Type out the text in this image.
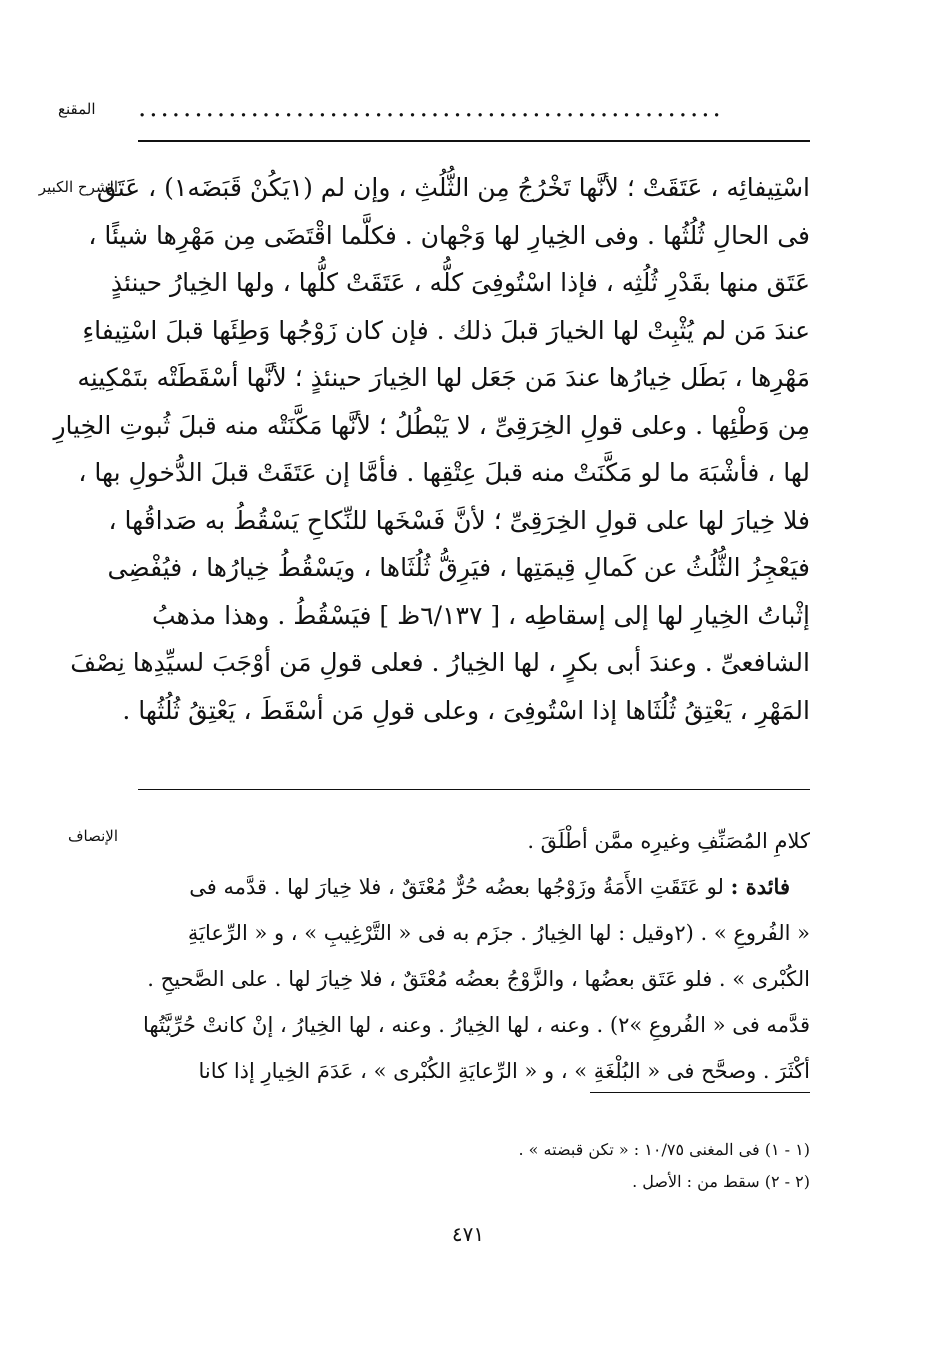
المقنع	....................................................
الشرح الكبير
اسْتِيفائِه ، عَتَقَتْ ؛ لأنَّها تَخْرُجُ مِن الثُّلُثِ ، وإن لم (١يَكُنْ قَبَضَه١) ، عَتَق
فى الحالِ ثُلُثُها . وفى الخِيارِ لها وَجْهان . فكلَّما اقْتَضَى مِن مَهْرِها شيئًا ،
عَتَق منها بقَدْرِ ثُلُثِه ، فإذا اسْتُوفِىَ كلُّه ، عَتَقَتْ كلُّها ، ولها الخِيارُ حينئذٍ
عندَ مَن لم يُثْبِتْ لها الخيارَ قبلَ ذلك . فإن كان زَوْجُها وَطِئَها قبلَ اسْتِيفاءِ
مَهْرِها ، بَطَل خِيارُها عندَ مَن جَعَل لها الخِيارَ حينئذٍ ؛ لأنَّها أسْقَطَتْه بتَمْكِينِه
مِن وَطْئِها . وعلى قولِ الخِرَقِىِّ ، لا يَبْطُلُ ؛ لأنَّها مَكَّنَتْه منه قبلَ ثُبوتِ الخِيارِ
لها ، فأشْبَهَ ما لو مَكَّنَتْ منه قبلَ عِتْقِها . فأمَّا إن عَتَقَتْ قبلَ الدُّخولِ بها ،
فلا خِيارَ لها على قولِ الخِرَقِىِّ ؛ لأنَّ فَسْخَها للنِّكاحِ يَسْقُطُ به صَداقُها ،
فيَعْجِزُ الثُّلُثُ عن كَمالِ قِيمَتِها ، فيَرِقُّ ثُلُثَاها ، ويَسْقُطُ خِيارُها ، فيُفْضِى
إثْباتُ الخِيارِ لها إلى إسقاطِه ، [ ٦/١٣٧ظ ] فيَسْقُطُ . وهذا مذهبُ
الشافعىِّ . وعندَ أبى بكرٍ ، لها الخِيارُ . فعلى قولِ مَن أوْجَبَ لسيِّدِها نِصْفَ
المَهْرِ ، يَعْتِقُ ثُلُثَاها إذا اسْتُوفِىَ ، وعلى قولِ مَن أسْقَطَ ، يَعْتِقُ ثُلُثُها .
الإنصاف	كلامِ المُصَنِّفِ وغيرِه ممَّن أطْلَقَ .
فائدة : لو عَتَقَتِ الأَمَةُ وزَوْجُها بعضُه حُرٌّ مُعْتَقٌ ، فلا خِيارَ لها . قدَّمه فى
« الفُروعِ » . (٢وقيل : لها الخِيارُ . جزَم به فى « التَّرْغِيبِ » ، و « الرِّعايَةِ
الكُبْرى » . فلو عَتَق بعضُها ، والزَّوْجُ بعضُه مُعْتَقٌ ، فلا خِيارَ لها . على الصَّحيحِ .
قدَّمه فى « الفُروعِ »٢) . وعنه ، لها الخِيارُ . وعنه ، لها الخِيارُ ، إنْ كانتْ حُرِّيَّتُها
أكْثَرَ . وصحَّح فى « البُلْغَةِ » ، و « الرِّعايَةِ الكُبْرى » ، عَدَمَ الخِيارِ إذا كانا
(١ - ١) فى المغنى ١٠/٧٥ : « تكن قبضته » .
(٢ - ٢) سقط من : الأصل .
٤٧١
